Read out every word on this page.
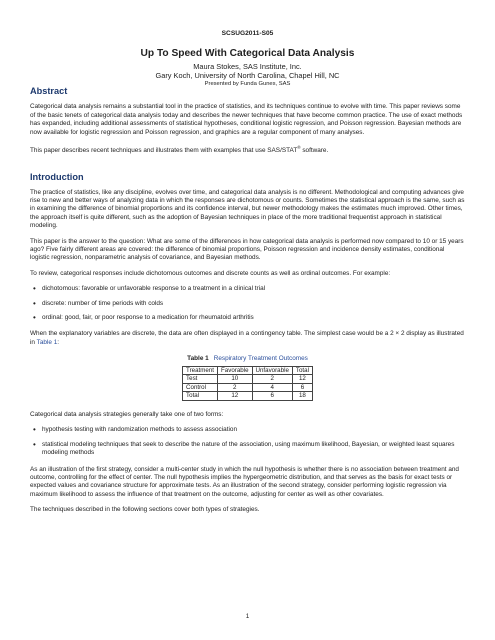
SCSUG2011-S05
Up To Speed With Categorical Data Analysis
Maura Stokes, SAS Institute, Inc.
Gary Koch, University of North Carolina, Chapel Hill, NC
Presented by Funda Gunes, SAS
Abstract

Categorical data analysis remains a substantial tool in the practice of statistics, and its techniques continue to evolve with time. This paper reviews some of the basic tenets of categorical data analysis today and describes the newer techniques that have become common practice. The use of exact methods has expanded, including additional assessments of statistical hypotheses, conditional logistic regression, and Poisson regression. Bayesian methods are now available for logistic regression and Poisson regression, and graphics are a regular component of many analyses.

This paper describes recent techniques and illustrates them with examples that use SAS/STAT® software.

Introduction

The practice of statistics, like any discipline, evolves over time, and categorical data analysis is no different. Methodological and computing advances give rise to new and better ways of analyzing data in which the responses are dichotomous or counts. Sometimes the statistical approach is the same, such as in examining the difference of binomial proportions and its confidence interval, but newer methodology makes the estimates much improved. Other times, the approach itself is quite different, such as the adoption of Bayesian techniques in place of the more traditional frequentist approach in statistical modeling.

This paper is the answer to the question: What are some of the differences in how categorical data analysis is performed now compared to 10 or 15 years ago? Five fairly different areas are covered: the difference of binomial proportions, Poisson regression and incidence density estimates, conditional logistic regression, nonparametric analysis of covariance, and Bayesian methods.

To review, categorical responses include dichotomous outcomes and discrete counts as well as ordinal outcomes. For example:

• dichotomous: favorable or unfavorable response to a treatment in a clinical trial
• discrete: number of time periods with colds
• ordinal: good, fair, or poor response to a medication for rheumatoid arthritis

When the explanatory variables are discrete, the data are often displayed in a contingency table. The simplest case would be a 2 × 2 display as illustrated in Table 1:

Table 1 Respiratory Treatment Outcomes
Treatment	Favorable	Unfavorable	Total
Test	10	2	12
Control	2	4	6
Total	12	6	18

Categorical data analysis strategies generally take one of two forms:

• hypothesis testing with randomization methods to assess association
• statistical modeling techniques that seek to describe the nature of the association, using maximum likelihood, Bayesian, or weighted least squares modeling methods

As an illustration of the first strategy, consider a multi-center study in which the null hypothesis is whether there is no association between treatment and outcome, controlling for the effect of center. The null hypothesis implies the hypergeometric distribution, and that serves as the basis for exact tests or expected values and covariance structure for approximate tests. As an illustration of the second strategy, consider performing logistic regression via maximum likelihood to assess the influence of that treatment on the outcome, adjusting for center as well as other covariates.

The techniques described in the following sections cover both types of strategies.

1
